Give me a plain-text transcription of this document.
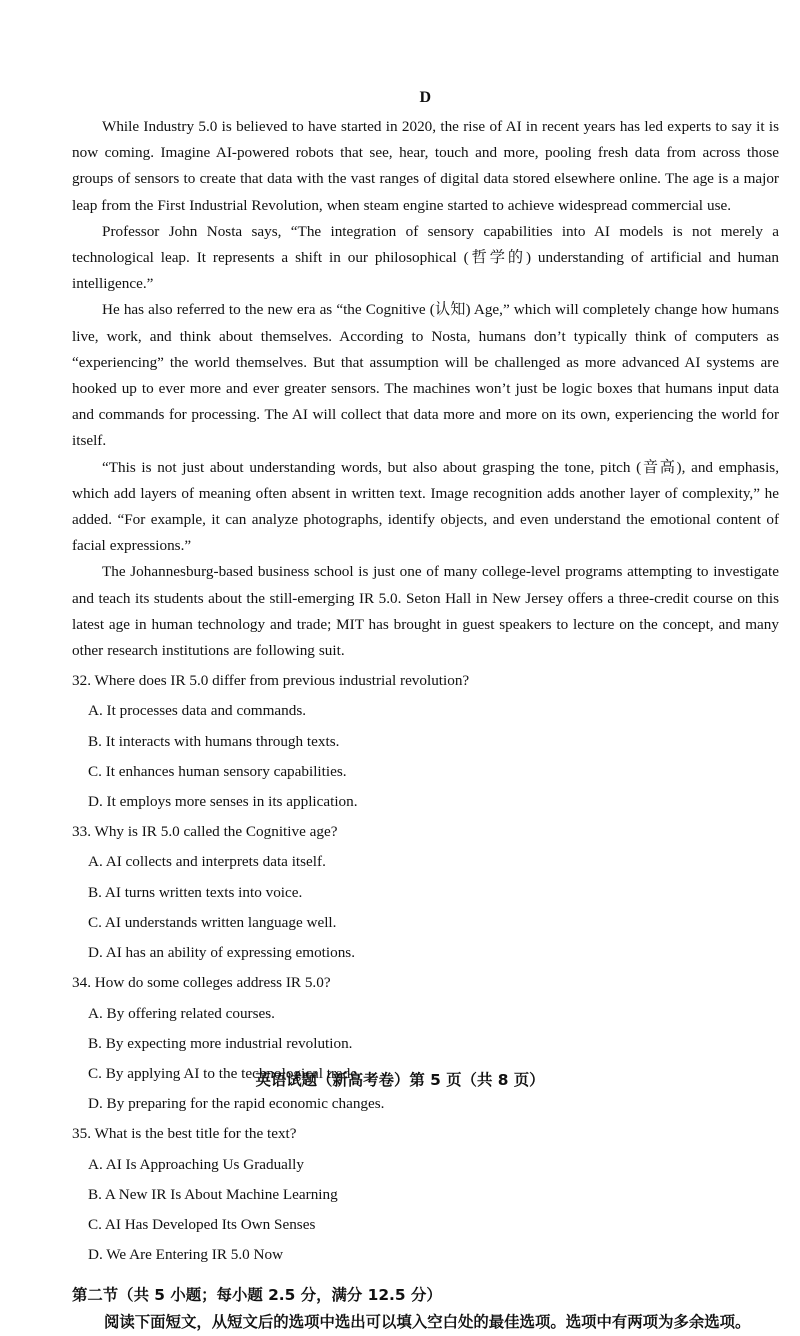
D

While Industry 5.0 is believed to have started in 2020, the rise of AI in recent years has led experts to say it is now coming. Imagine AI-powered robots that see, hear, touch and more, pooling fresh data from across those groups of sensors to create that data with the vast ranges of digital data stored elsewhere online. The age is a major leap from the First Industrial Revolution, when steam engine started to achieve widespread commercial use.

Professor John Nosta says, “The integration of sensory capabilities into AI models is not merely a technological leap. It represents a shift in our philosophical (哲学的) understanding of artificial and human intelligence.”

He has also referred to the new era as “the Cognitive (认知) Age,” which will completely change how humans live, work, and think about themselves. According to Nosta, humans don’t typically think of computers as “experiencing” the world themselves. But that assumption will be challenged as more advanced AI systems are hooked up to ever more and ever greater sensors. The machines won’t just be logic boxes that humans input data and commands for processing. The AI will collect that data more and more on its own, experiencing the world for itself.

“This is not just about understanding words, but also about grasping the tone, pitch (音高), and emphasis, which add layers of meaning often absent in written text. Image recognition adds another layer of complexity,” he added. “For example, it can analyze photographs, identify objects, and even understand the emotional content of facial expressions.”

The Johannesburg-based business school is just one of many college-level programs attempting to investigate and teach its students about the still-emerging IR 5.0. Seton Hall in New Jersey offers a three-credit course on this latest age in human technology and trade; MIT has brought in guest speakers to lecture on the concept, and many other research institutions are following suit.

32. Where does IR 5.0 differ from previous industrial revolution?

A. It processes data and commands.

B. It interacts with humans through texts.

C. It enhances human sensory capabilities.

D. It employs more senses in its application.

33. Why is IR 5.0 called the Cognitive age?

A. AI collects and interprets data itself.

B. AI turns written texts into voice.

C. AI understands written language well.

D. AI has an ability of expressing emotions.

34. How do some colleges address IR 5.0?

A. By offering related courses.

B. By expecting more industrial revolution.

C. By applying AI to the technological trade.

D. By preparing for the rapid economic changes.

35. What is the best title for the text?

A. AI Is Approaching Us Gradually

B. A New IR Is About Machine Learning

C. AI Has Developed Its Own Senses

D. We Are Entering IR 5.0 Now

第二节（共 5 小题；每小题 2.5 分，满分 12.5 分）

阅读下面短文，从短文后的选项中选出可以填入空白处的最佳选项。选项中有两项为多余选项。

英语试题（新高考卷）第 5 页（共 8 页）
